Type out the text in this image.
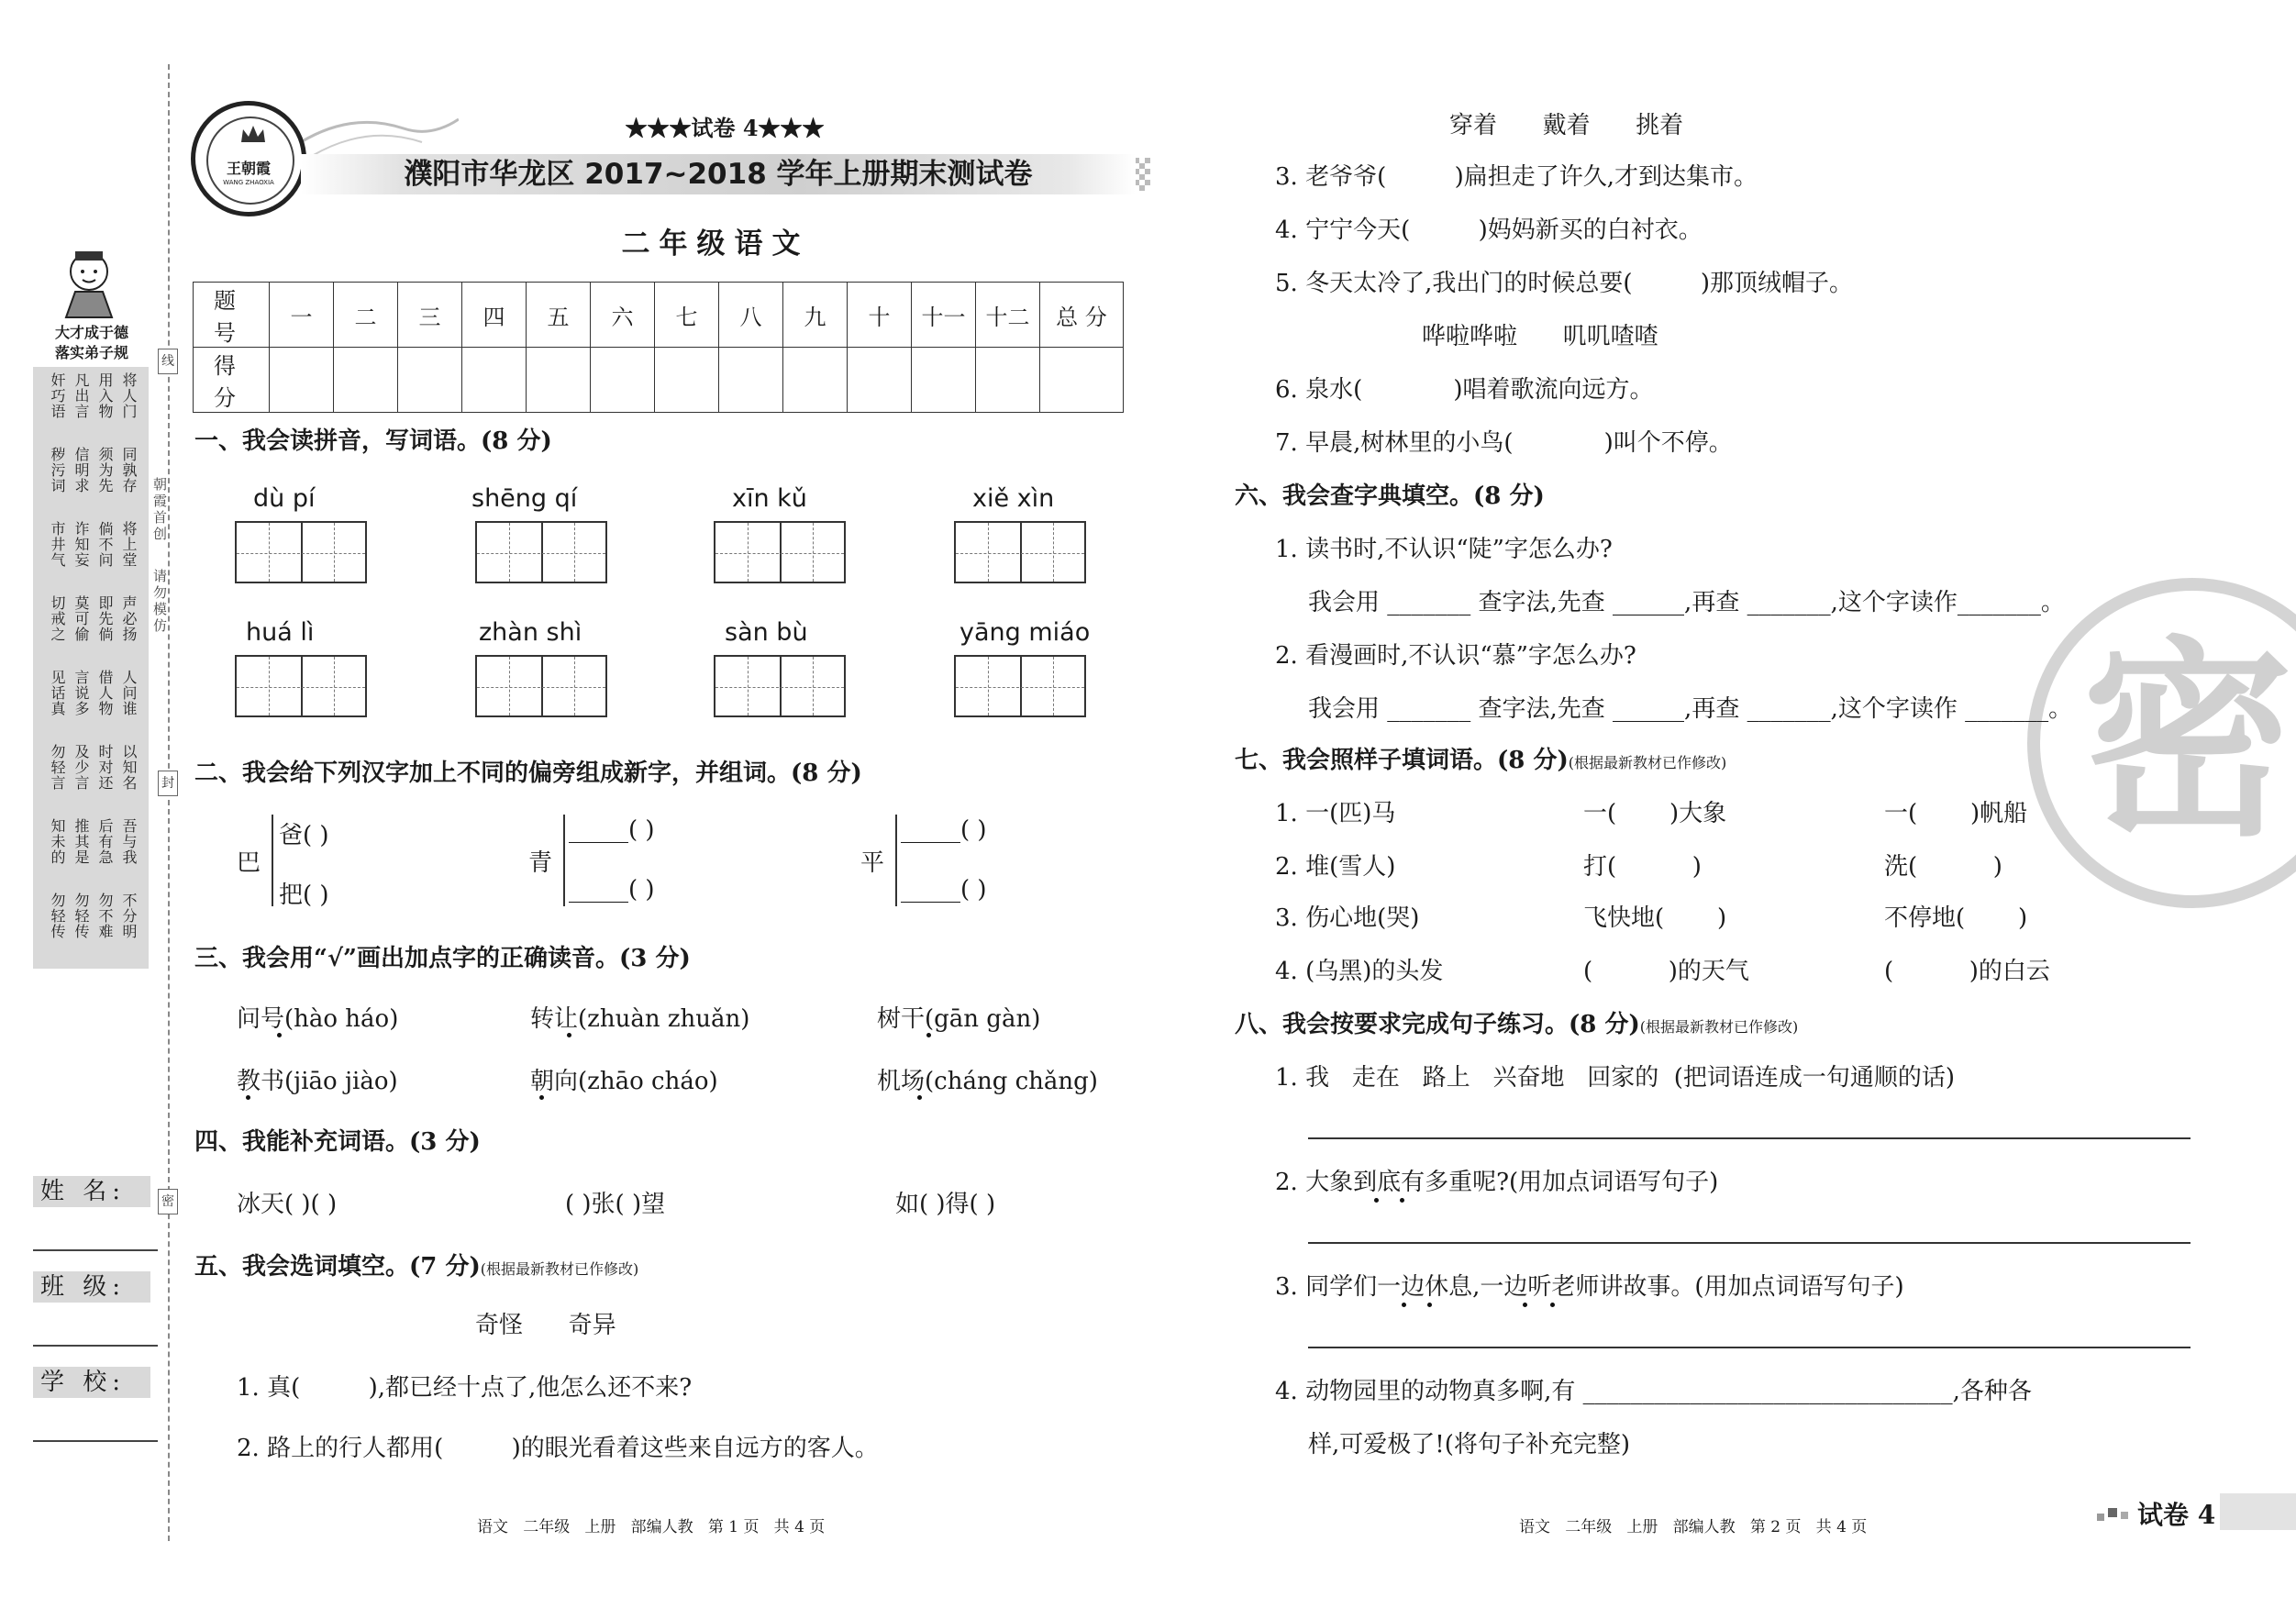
大才成于德
落实弟子规
将人门
用入物
凡出言
奸巧语
同孰存
须为先
信明求
秽污词
将上堂
倘不问
诈知妄
市井气
声必扬
即先倘
莫可偷
切戒之
人问谁
借人物
言说多
见话真
以知名
时对还
及少言
勿轻言
吾与我
后有急
推其是
知未的
不分明
勿不难
勿轻传
勿轻传
朝霞首创
请勿模仿
线
封
密
姓 名:
班 级:
学 校:
王朝霞
WANG ZHAOXIA
★★★试卷 4★★★
濮阳市华龙区 2017~2018 学年上册期末测试卷
二年级语文
题 号	一	二	三	四	五	六	七	八	九	十	十一	十二	总 分
得 分													
一、我会读拼音，写词语。(8 分)
dù pí	shēng qí	xīn kǔ	xiě xìn
huá lì	zhàn shì	sàn bù	yāng miáo
二、我会给下列汉字加上不同的偏旁组成新字，并组词。(8 分)
巴
爸( )
把( )
青
_____( )
_____( )
平
_____( )
_____( )
三、我会用“√”画出加点字的正确读音。(3 分)
问号(hào háo)	转让(zhuàn zhuǎn)	树干(gān gàn)
教书(jiāo jiào)	朝向(zhāo cháo)	机场(cháng chǎng)
四、我能补充词语。(3 分)
冰天( )( )	( )张( )望	如( )得( )
五、我会选词填空。(7 分)(根据最新教材已作修改)
奇怪      奇异
1. 真(         ),都已经十点了,他怎么还不来?
2. 路上的行人都用(         )的眼光看着这些来自远方的客人。
语文   二年级   上册   部编人教   第 1 页   共 4 页
密
穿着      戴着      挑着
3. 老爷爷(         )扁担走了许久,才到达集市。
4. 宁宁今天(         )妈妈新买的白衬衣。
5. 冬天太冷了,我出门的时候总要(         )那顶绒帽子。
哗啦哗啦      叽叽喳喳
6. 泉水(            )唱着歌流向远方。
7. 早晨,树林里的小鸟(            )叫个不停。
六、我会查字典填空。(8 分)
1. 读书时,不认识“陡”字怎么办?
我会用 _______ 查字法,先查 ______,再查 _______,这个字读作_______。
2. 看漫画时,不认识“慕”字怎么办?
我会用 _______ 查字法,先查 ______,再查 _______,这个字读作 _______。
七、我会照样子填词语。(8 分)(根据最新教材已作修改)
1. 一(匹)马	一(       )大象	一(       )帆船
2. 堆(雪人)	打(          )	洗(          )
3. 伤心地(哭)	飞快地(       )	不停地(       )
4. (乌黑)的头发	(          )的天气	(          )的白云
八、我会按要求完成句子练习。(8 分)(根据最新教材已作修改)
1. 我   走在   路上   兴奋地   回家的  (把词语连成一句通顺的话)
2. 大象到底有多重呢?(用加点词语写句子)
3. 同学们一边休息,一边听老师讲故事。(用加点词语写句子)
4. 动物园里的动物真多啊,有 _______________________________,各种各
样,可爱极了!(将句子补充完整)
语文   二年级   上册   部编人教   第 2 页   共 4 页	试卷 4
